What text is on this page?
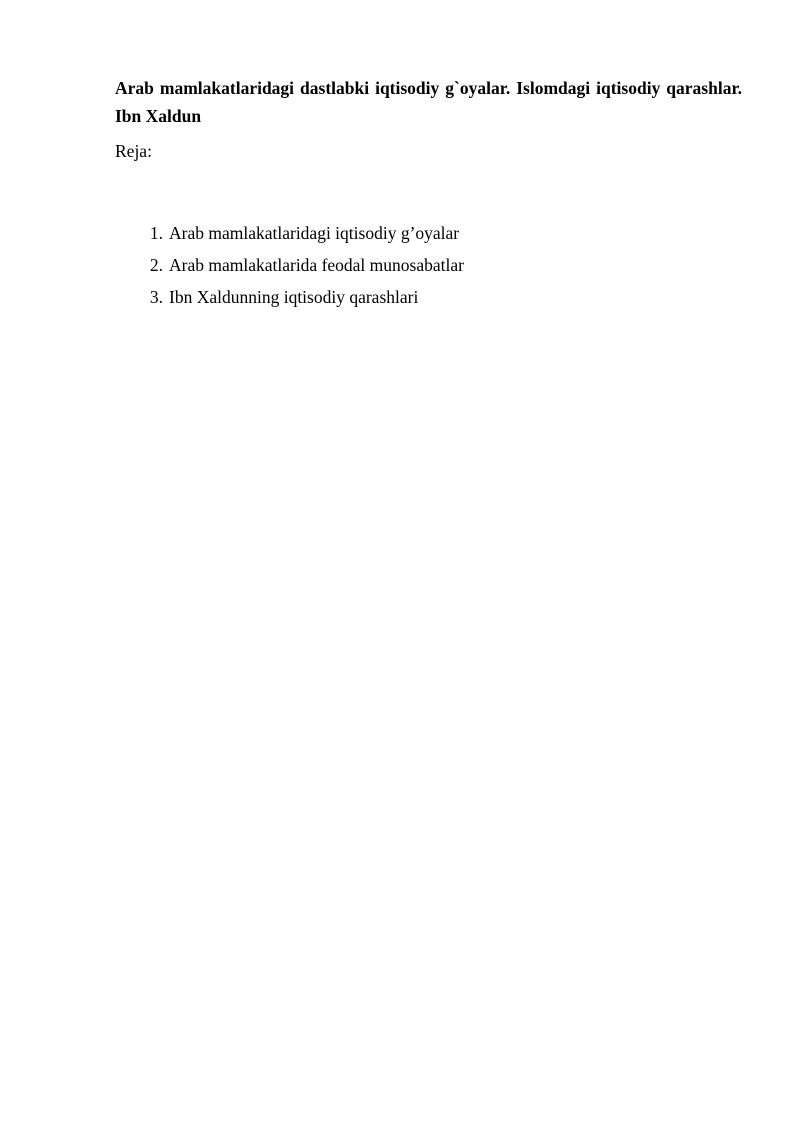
Arab mamlakatlaridagi dastlabki iqtisodiy g`oyalar. Islomdagi iqtisodiy qarashlar. Ibn Xaldun

Reja:

1. Arab mamlakatlaridagi iqtisodiy g’oyalar
2. Arab mamlakatlarida feodal munosabatlar
3. Ibn Xaldunning iqtisodiy qarashlari
